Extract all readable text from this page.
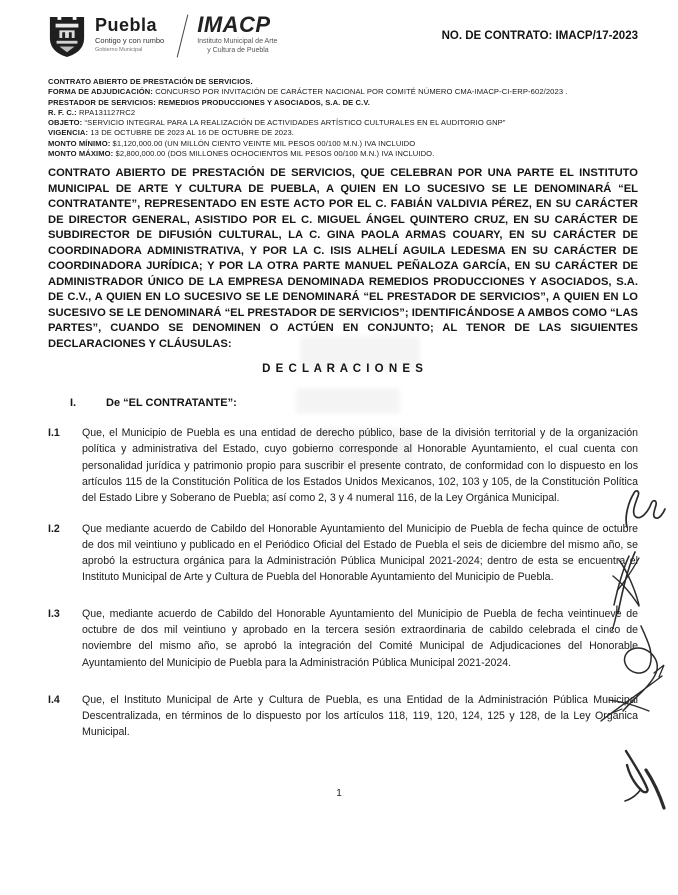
Puebla
Contigo y con rumbo
Gobierno Municipal
IMACP
Instituto Municipal de Arte
y Cultura de Puebla
NO. DE CONTRATO: IMACP/17-2023
CONTRATO ABIERTO DE PRESTACIÓN DE SERVICIOS.
FORMA DE ADJUDICACIÓN: CONCURSO POR INVITACIÓN DE CARÁCTER NACIONAL POR COMITÉ NÚMERO CMA-IMACP-CI-ERP-602/2023 .
PRESTADOR DE SERVICIOS: REMEDIOS PRODUCCIONES Y ASOCIADOS, S.A. DE C.V.
R. F. C.: RPA131127RC2
OBJETO: “SERVICIO INTEGRAL PARA LA REALIZACIÓN DE ACTIVIDADES ARTÍSTICO CULTURALES EN EL AUDITORIO GNP”
VIGENCIA: 13 DE OCTUBRE DE 2023 AL 16 DE OCTUBRE DE 2023.
MONTO MÍNIMO: $1,120,000.00 (UN MILLÓN CIENTO VEINTE MIL PESOS 00/100 M.N.) IVA INCLUIDO
MONTO MÁXIMO: $2,800,000.00 (DOS MILLONES OCHOCIENTOS MIL PESOS 00/100 M.N.) IVA INCLUIDO.
CONTRATO ABIERTO DE PRESTACIÓN DE SERVICIOS, QUE CELEBRAN POR UNA PARTE EL INSTITUTO MUNICIPAL DE ARTE Y CULTURA DE PUEBLA, A QUIEN EN LO SUCESIVO SE LE DENOMINARÁ “EL CONTRATANTE”, REPRESENTADO EN ESTE ACTO POR EL C. FABIÁN VALDIVIA PÉREZ, EN SU CARÁCTER DE DIRECTOR GENERAL, ASISTIDO POR EL C. MIGUEL ÁNGEL QUINTERO CRUZ, EN SU CARÁCTER DE SUBDIRECTOR DE DIFUSIÓN CULTURAL, LA C. GINA PAOLA ARMAS COUARY, EN SU CARÁCTER DE COORDINADORA ADMINISTRATIVA, Y POR LA C. ISIS ALHELÍ AGUILA LEDESMA EN SU CARÁCTER DE COORDINADORA JURÍDICA; Y POR LA OTRA PARTE MANUEL PEÑALOZA GARCÍA, EN SU CARÁCTER DE ADMINISTRADOR ÚNICO DE LA EMPRESA DENOMINADA REMEDIOS PRODUCCIONES Y ASOCIADOS, S.A. DE C.V., A QUIEN EN LO SUCESIVO SE LE DENOMINARÁ “EL PRESTADOR DE SERVICIOS”, A QUIEN EN LO SUCESIVO SE LE DENOMINARÁ “EL PRESTADOR DE SERVICIOS”; IDENTIFICÁNDOSE A AMBOS COMO “LAS PARTES”, CUANDO SE DENOMINEN O ACTÚEN EN CONJUNTO; AL TENOR DE LAS SIGUIENTES DECLARACIONES Y CLÁUSULAS:
D E C L A R A C I O N E S
I.	De “EL CONTRATANTE”:
I.1	Que, el Municipio de Puebla es una entidad de derecho público, base de la división territorial y de la organización política y administrativa del Estado, cuyo gobierno corresponde al Honorable Ayuntamiento, el cual cuenta con personalidad jurídica y patrimonio propio para suscribir el presente contrato, de conformidad con lo dispuesto en los artículos 115 de la Constitución Política de los Estados Unidos Mexicanos, 102, 103 y 105, de la Constitución Política del Estado Libre y Soberano de Puebla; así como 2, 3 y 4 numeral 116, de la Ley Orgánica Municipal.
I.2	Que mediante acuerdo de Cabildo del Honorable Ayuntamiento del Municipio de Puebla de fecha quince de octubre de dos mil veintiuno y publicado en el Periódico Oficial del Estado de Puebla el seis de diciembre del mismo año, se aprobó la estructura orgánica para la Administración Pública Municipal 2021-2024; dentro de esta se encuentra el Instituto Municipal de Arte y Cultura de Puebla del Honorable Ayuntamiento del Municipio de Puebla.
I.3	Que, mediante acuerdo de Cabildo del Honorable Ayuntamiento del Municipio de Puebla de fecha veintinueve de octubre de dos mil veintiuno y aprobado en la tercera sesión extraordinaria de cabildo celebrada el cinco de noviembre del mismo año, se aprobó la integración del Comité Municipal de Adjudicaciones del Honorable Ayuntamiento del Municipio de Puebla para la Administración Pública Municipal 2021-2024.
I.4	Que, el Instituto Municipal de Arte y Cultura de Puebla, es una Entidad de la Administración Pública Municipal Descentralizada, en términos de lo dispuesto por los artículos 118, 119, 120, 124, 125 y 128, de la Ley Orgánica Municipal.
1
